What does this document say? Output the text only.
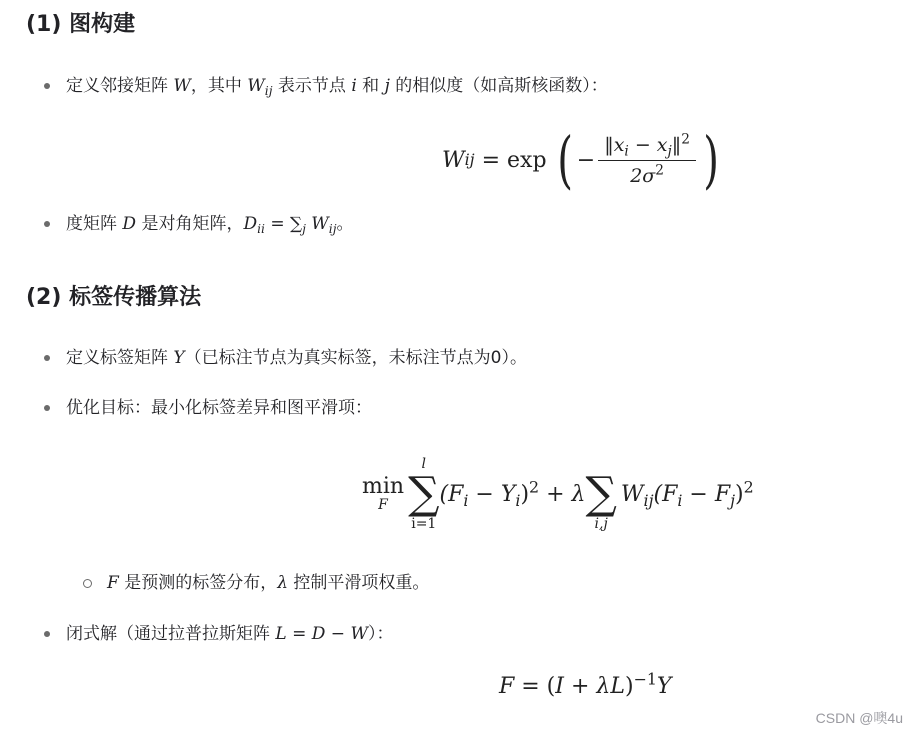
(1) 图构建
定义邻接矩阵 W，其中 $W_{ij}$ 表示节点 i 和 j 的相似度（如高斯核函数）：
W ij = exp ( − $\frac{‖x_i - x_j‖^2}{2\sigma^2}$ )
度矩阵 D 是对角矩阵，$D_{ii} = \sum_j$ $W_{ij}$。
(2) 标签传播算法
定义标签矩阵 Y（已标注节点为真实标签，未标注节点为0）。
优化目标：最小化标签差异和图平滑项：
min
F
l
∑
i=1
$(F_i - Y_i)^2 + \lambda$
∑
i,j
$W_{ij}(F_i - F_j)^2$
F 是预测的标签分布，λ 控制平滑项权重。
闭式解（通过拉普拉斯矩阵 L = D − W）：
$F = (I + \lambda L)^{-1}Y$
CSDN @噢4u
